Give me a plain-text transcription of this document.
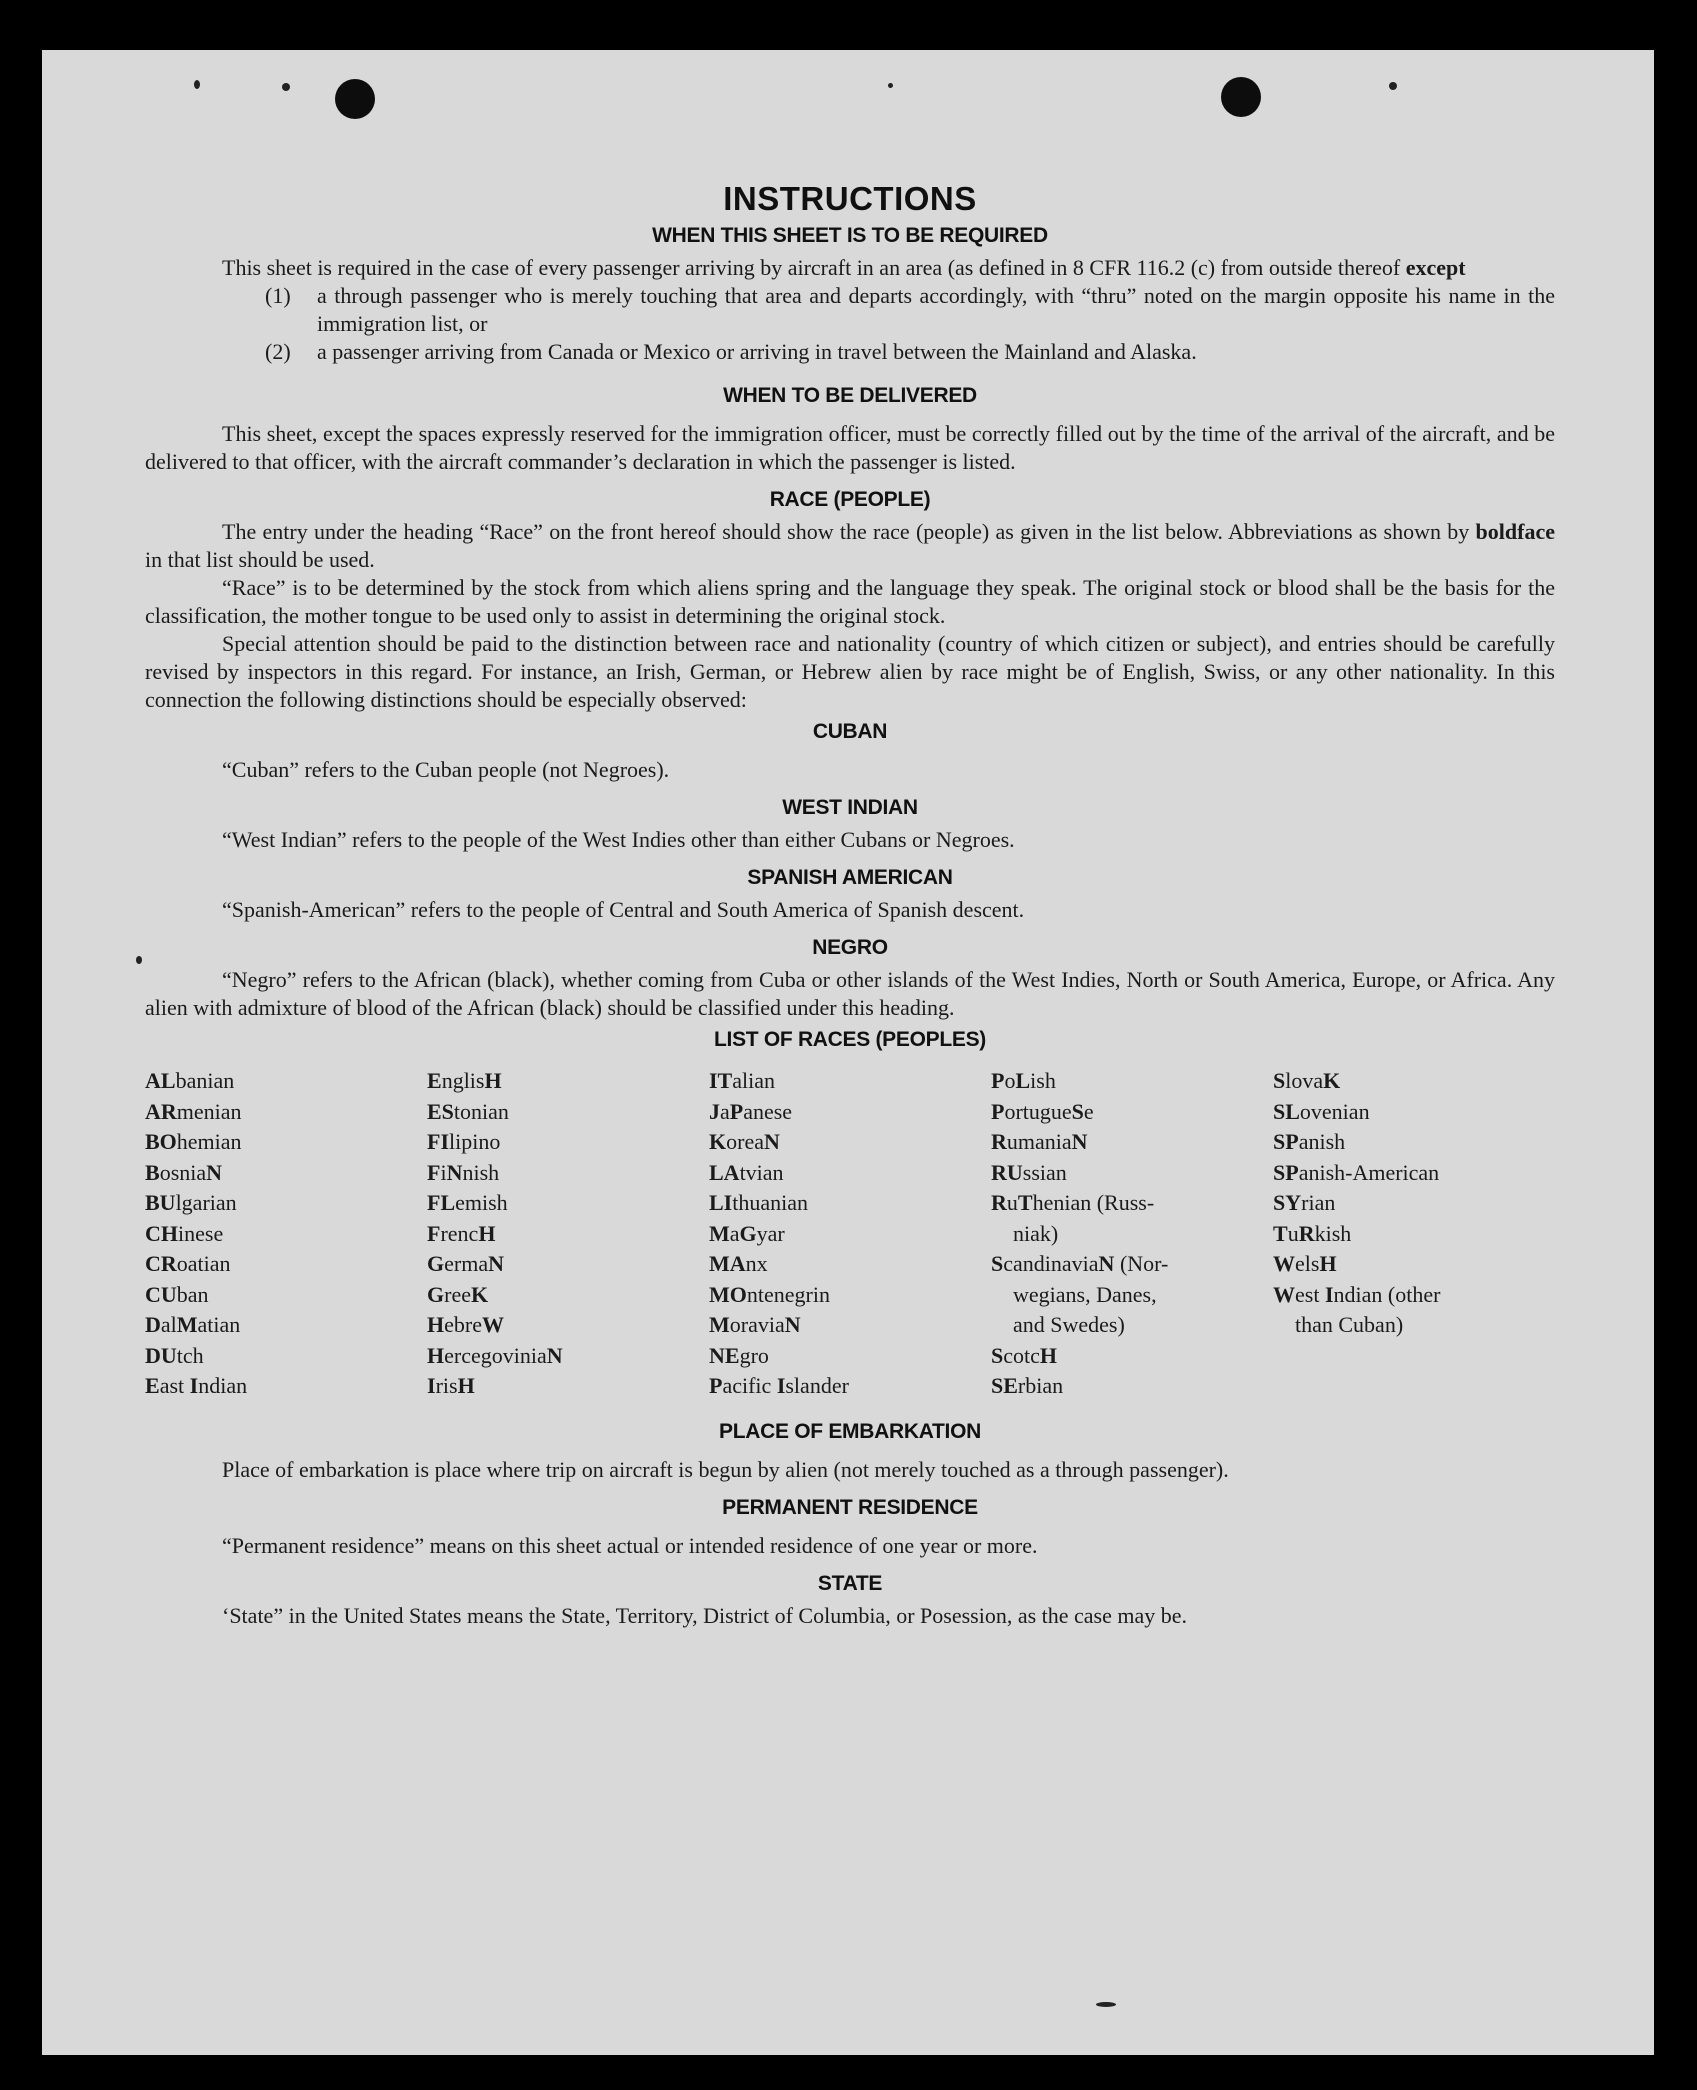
INSTRUCTIONS
WHEN THIS SHEET IS TO BE REQUIRED

This sheet is required in the case of every passenger arriving by aircraft in an area (as defined in 8 CFR 116.2 (c) from outside thereof except

(1)	a through passenger who is merely touching that area and departs accordingly, with “thru” noted on the margin opposite his name in the immigration list, or
(2)	a passenger arriving from Canada or Mexico or arriving in travel between the Mainland and Alaska.
WHEN TO BE DELIVERED

This sheet, except the spaces expressly reserved for the immigration officer, must be correctly filled out by the time of the arrival of the aircraft, and be delivered to that officer, with the aircraft commander’s declaration in which the passenger is listed.

RACE (PEOPLE)

The entry under the heading “Race” on the front hereof should show the race (people) as given in the list below. Abbreviations as shown by boldface in that list should be used.

“Race” is to be determined by the stock from which aliens spring and the language they speak. The original stock or blood shall be the basis for the classification, the mother tongue to be used only to assist in determining the original stock.

Special attention should be paid to the distinction between race and nationality (country of which citizen or subject), and entries should be carefully revised by inspectors in this regard. For instance, an Irish, German, or Hebrew alien by race might be of English, Swiss, or any other nationality. In this connection the following distinctions should be especially observed:

CUBAN

“Cuban” refers to the Cuban people (not Negroes).

WEST INDIAN

“West Indian” refers to the people of the West Indies other than either Cubans or Negroes.

SPANISH AMERICAN

“Spanish-American” refers to the people of Central and South America of Spanish descent.

NEGRO

“Negro” refers to the African (black), whether coming from Cuba or other islands of the West Indies, North or South America, Europe, or Africa. Any alien with admixture of blood of the African (black) should be classified under this heading.

LIST OF RACES (PEOPLES)
ALbanian
ARmenian
BOhemian
BosniaN
BUlgarian
CHinese
CRoatian
CUban
DalMatian
DUtch
East Indian
EnglisH
EStonian
FIlipino
FiNnish
FLemish
FrencH
GermaN
GreeK
HebreW
HercegoviniaN
IrisH
ITalian
JaPanese
KoreaN
LAtvian
LIthuanian
MaGyar
MAnx
MOntenegrin
MoraviaN
NEgro
Pacific Islander
PoLish
PortugueSe
RumaniaN
RUssian
RuThenian (Russ-
niak)
ScandinaviaN (Nor-
wegians, Danes,
and Swedes)
ScotcH
SErbian
SlovaK
SLovenian
SPanish
SPanish-American
SYrian
TuRkish
WelsH
West Indian (other
than Cuban)
PLACE OF EMBARKATION

Place of embarkation is place where trip on aircraft is begun by alien (not merely touched as a through passenger).

PERMANENT RESIDENCE

“Permanent residence” means on this sheet actual or intended residence of one year or more.

STATE

‘State” in the United States means the State, Territory, District of Columbia, or Posession, as the case may be.
